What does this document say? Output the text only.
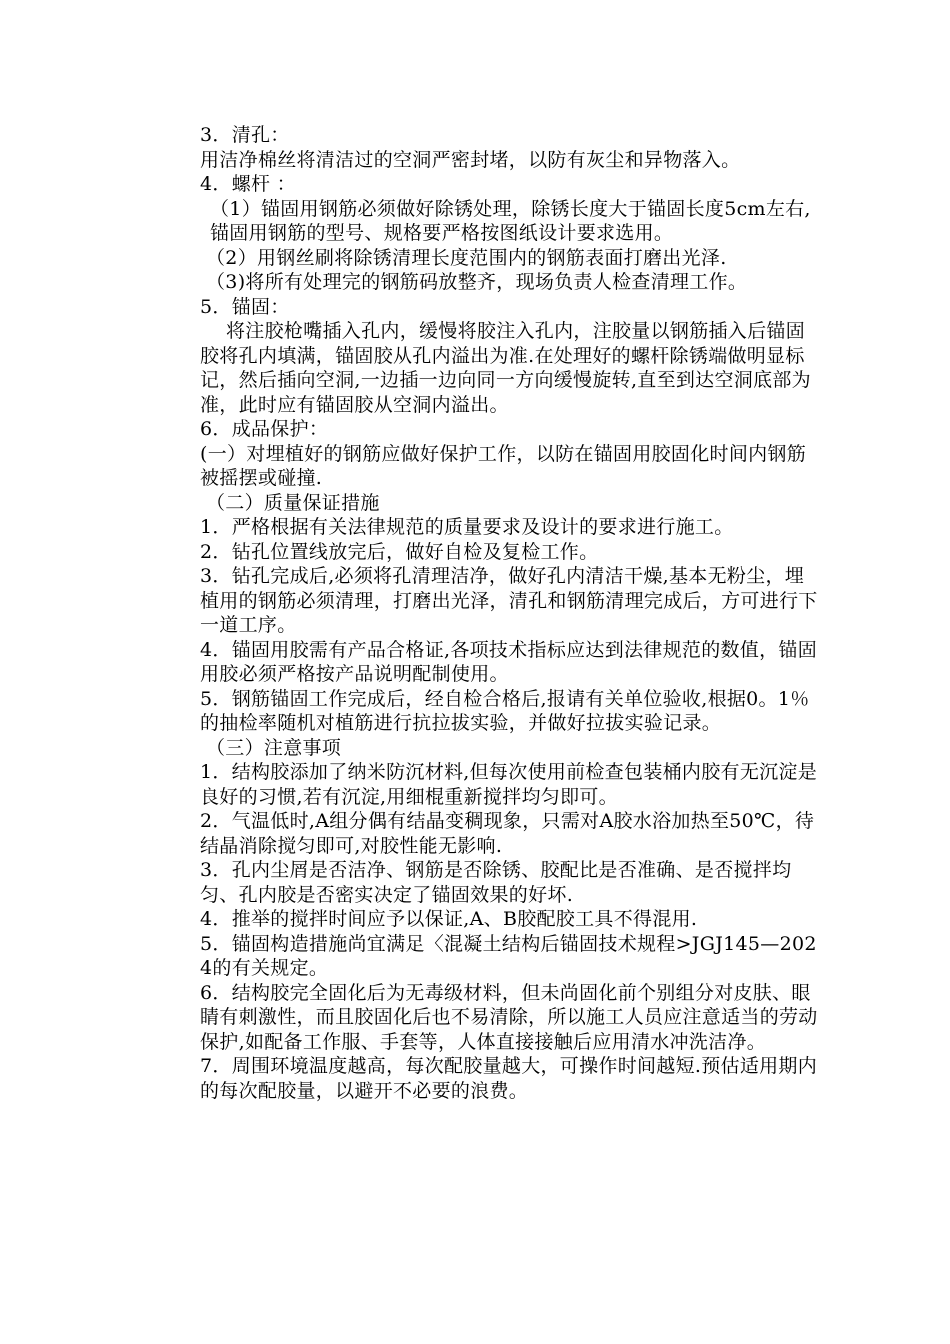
3．清孔：

用洁净棉丝将清洁过的空洞严密封堵，以防有灰尘和异物落入。

4．螺杆 ：

（1）锚固用钢筋必须做好除锈处理，除锈长度大于锚固长度5cm左右,锚固用钢筋的型号、规格要严格按图纸设计要求选用。

（2）用钢丝刷将除锈清理长度范围内的钢筋表面打磨出光泽.

（3)将所有处理完的钢筋码放整齐，现场负责人检查清理工作。

5．锚固：

将注胶枪嘴插入孔内，缓慢将胶注入孔内，注胶量以钢筋插入后锚固胶将孔内填满，锚固胶从孔内溢出为准.在处理好的螺杆除锈端做明显标记，然后插向空洞,一边插一边向同一方向缓慢旋转,直至到达空洞底部为准，此时应有锚固胶从空洞内溢出。

6．成品保护：

(一）对埋植好的钢筋应做好保护工作，以防在锚固用胶固化时间内钢筋被摇摆或碰撞.

（二）质量保证措施

1．严格根据有关法律规范的质量要求及设计的要求进行施工。

2．钻孔位置线放完后，做好自检及复检工作。

3．钻孔完成后,必须将孔清理洁净，做好孔内清洁干燥,基本无粉尘，埋植用的钢筋必须清理，打磨出光泽，清孔和钢筋清理完成后，方可进行下一道工序。

4．锚固用胶需有产品合格证,各项技术指标应达到法律规范的数值，锚固用胶必须严格按产品说明配制使用。

5．钢筋锚固工作完成后，经自检合格后,报请有关单位验收,根据0。1％ 的抽检率随机对植筋进行抗拉拔实验，并做好拉拔实验记录。

（三）注意事项

1．结构胶添加了纳米防沉材料,但每次使用前检查包装桶内胶有无沉淀是良好的习惯,若有沉淀,用细棍重新搅拌均匀即可。

2．气温低时,A组分偶有结晶变稠现象，只需对A胶水浴加热至50℃，待结晶消除搅匀即可,对胶性能无影响.

3．孔内尘屑是否洁净、钢筋是否除锈、胶配比是否准确、是否搅拌均匀、孔内胶是否密实决定了锚固效果的好坏.

4．推举的搅拌时间应予以保证,A、B胶配胶工具不得混用.

5．锚固构造措施尚宜满足〈混凝土结构后锚固技术规程>JGJ145—2024的有关规定。

6．结构胶完全固化后为无毒级材料，但未尚固化前个别组分对皮肤、眼睛有刺激性，而且胶固化后也不易清除，所以施工人员应注意适当的劳动保护,如配备工作服、手套等，人体直接接触后应用清水冲洗洁净。

7．周围环境温度越高，每次配胶量越大，可操作时间越短.预估适用期内的每次配胶量，以避开不必要的浪费。
